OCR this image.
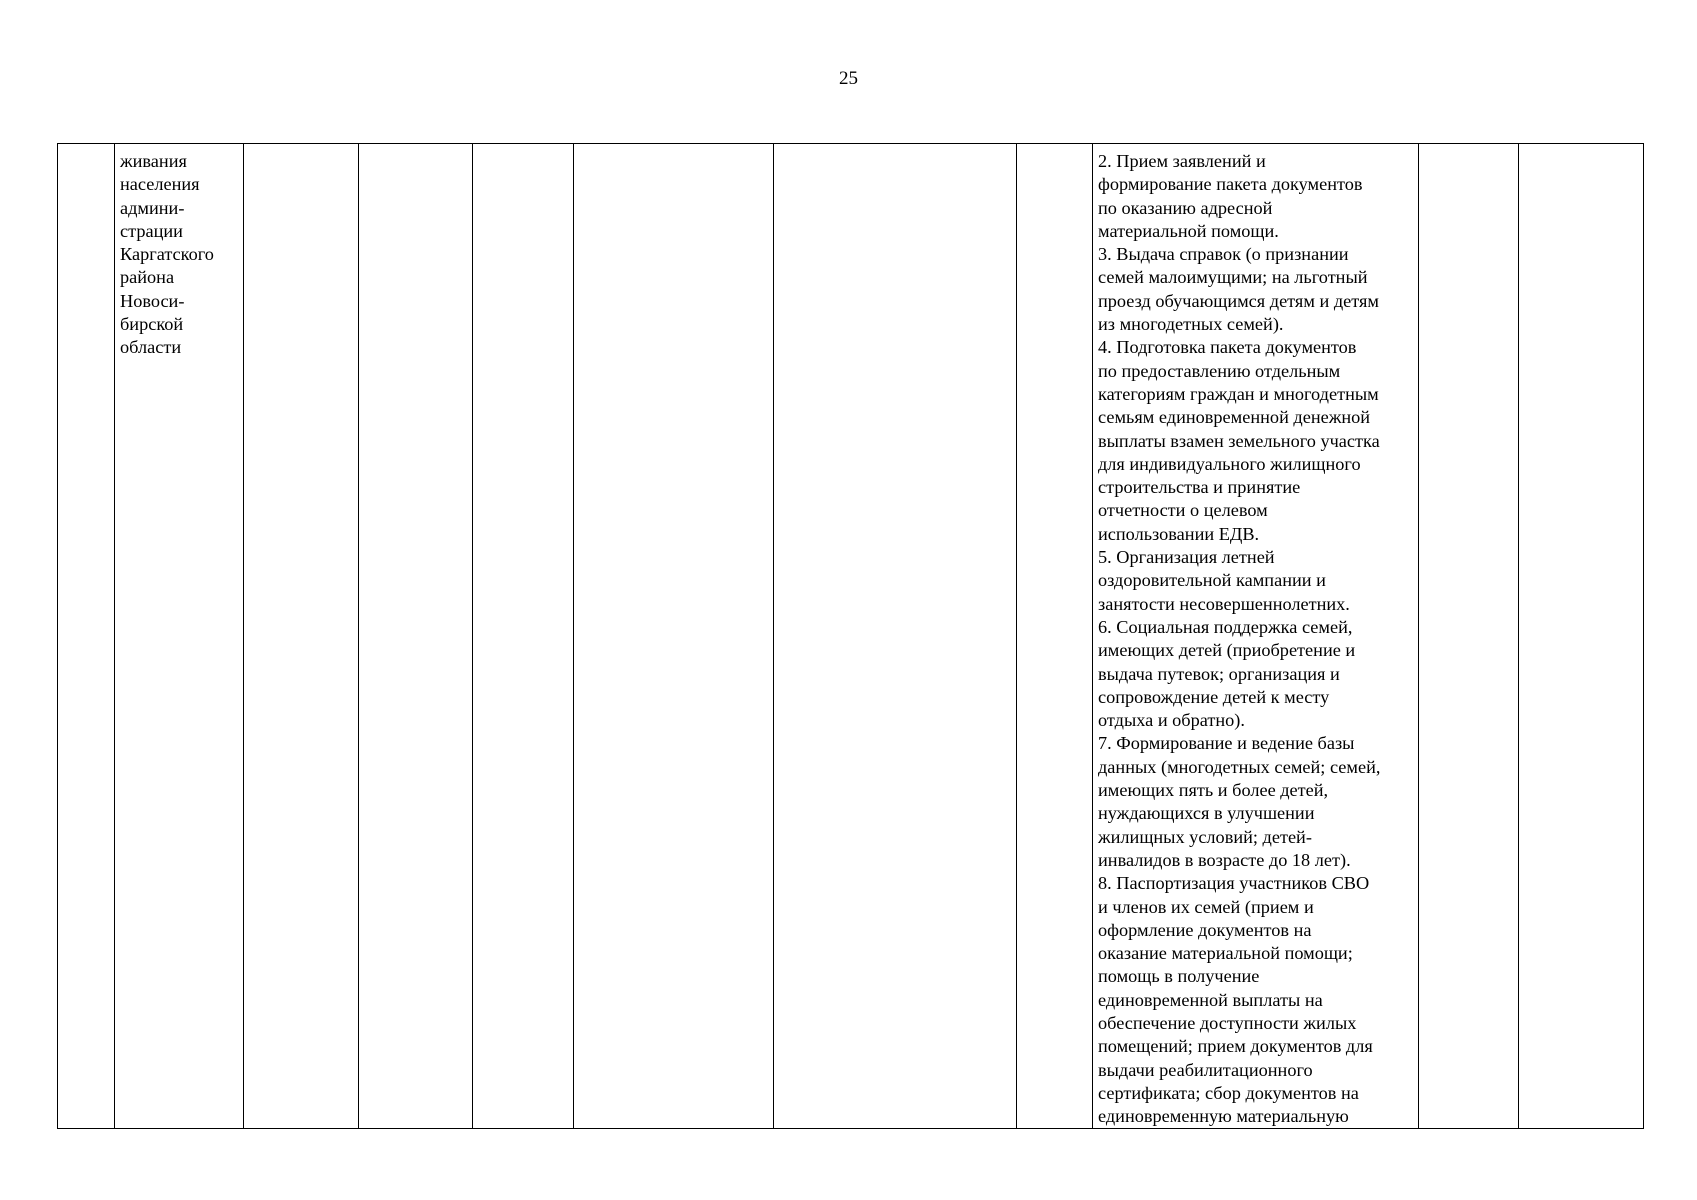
25
	живания
населения
админи-
страции
Каргатского
района
Новоси-
бирской
области							2. Прием заявлений и
формирование пакета документов
по оказанию адресной
материальной помощи.
3. Выдача справок (о признании
семей малоимущими; на льготный
проезд обучающимся детям и детям
из многодетных семей).
4. Подготовка пакета документов
по предоставлению отдельным
категориям граждан и многодетным
семьям единовременной денежной
выплаты взамен земельного участка
для индивидуального жилищного
строительства и принятие
отчетности о целевом
использовании ЕДВ.
5. Организация летней
оздоровительной кампании и
занятости несовершеннолетних.
6. Социальная поддержка семей,
имеющих детей (приобретение и
выдача путевок; организация и
сопровождение детей к месту
отдыха и обратно).
7. Формирование и ведение базы
данных (многодетных семей; семей,
имеющих пять и более детей,
нуждающихся в улучшении
жилищных условий; детей-
инвалидов в возрасте до 18 лет).
8. Паспортизация участников СВО
и членов их семей (прием и
оформление документов на
оказание материальной помощи;
помощь в получение
единовременной выплаты на
обеспечение доступности жилых
помещений; прием документов для
выдачи реабилитационного
сертификата; сбор документов на
единовременную материальную		
